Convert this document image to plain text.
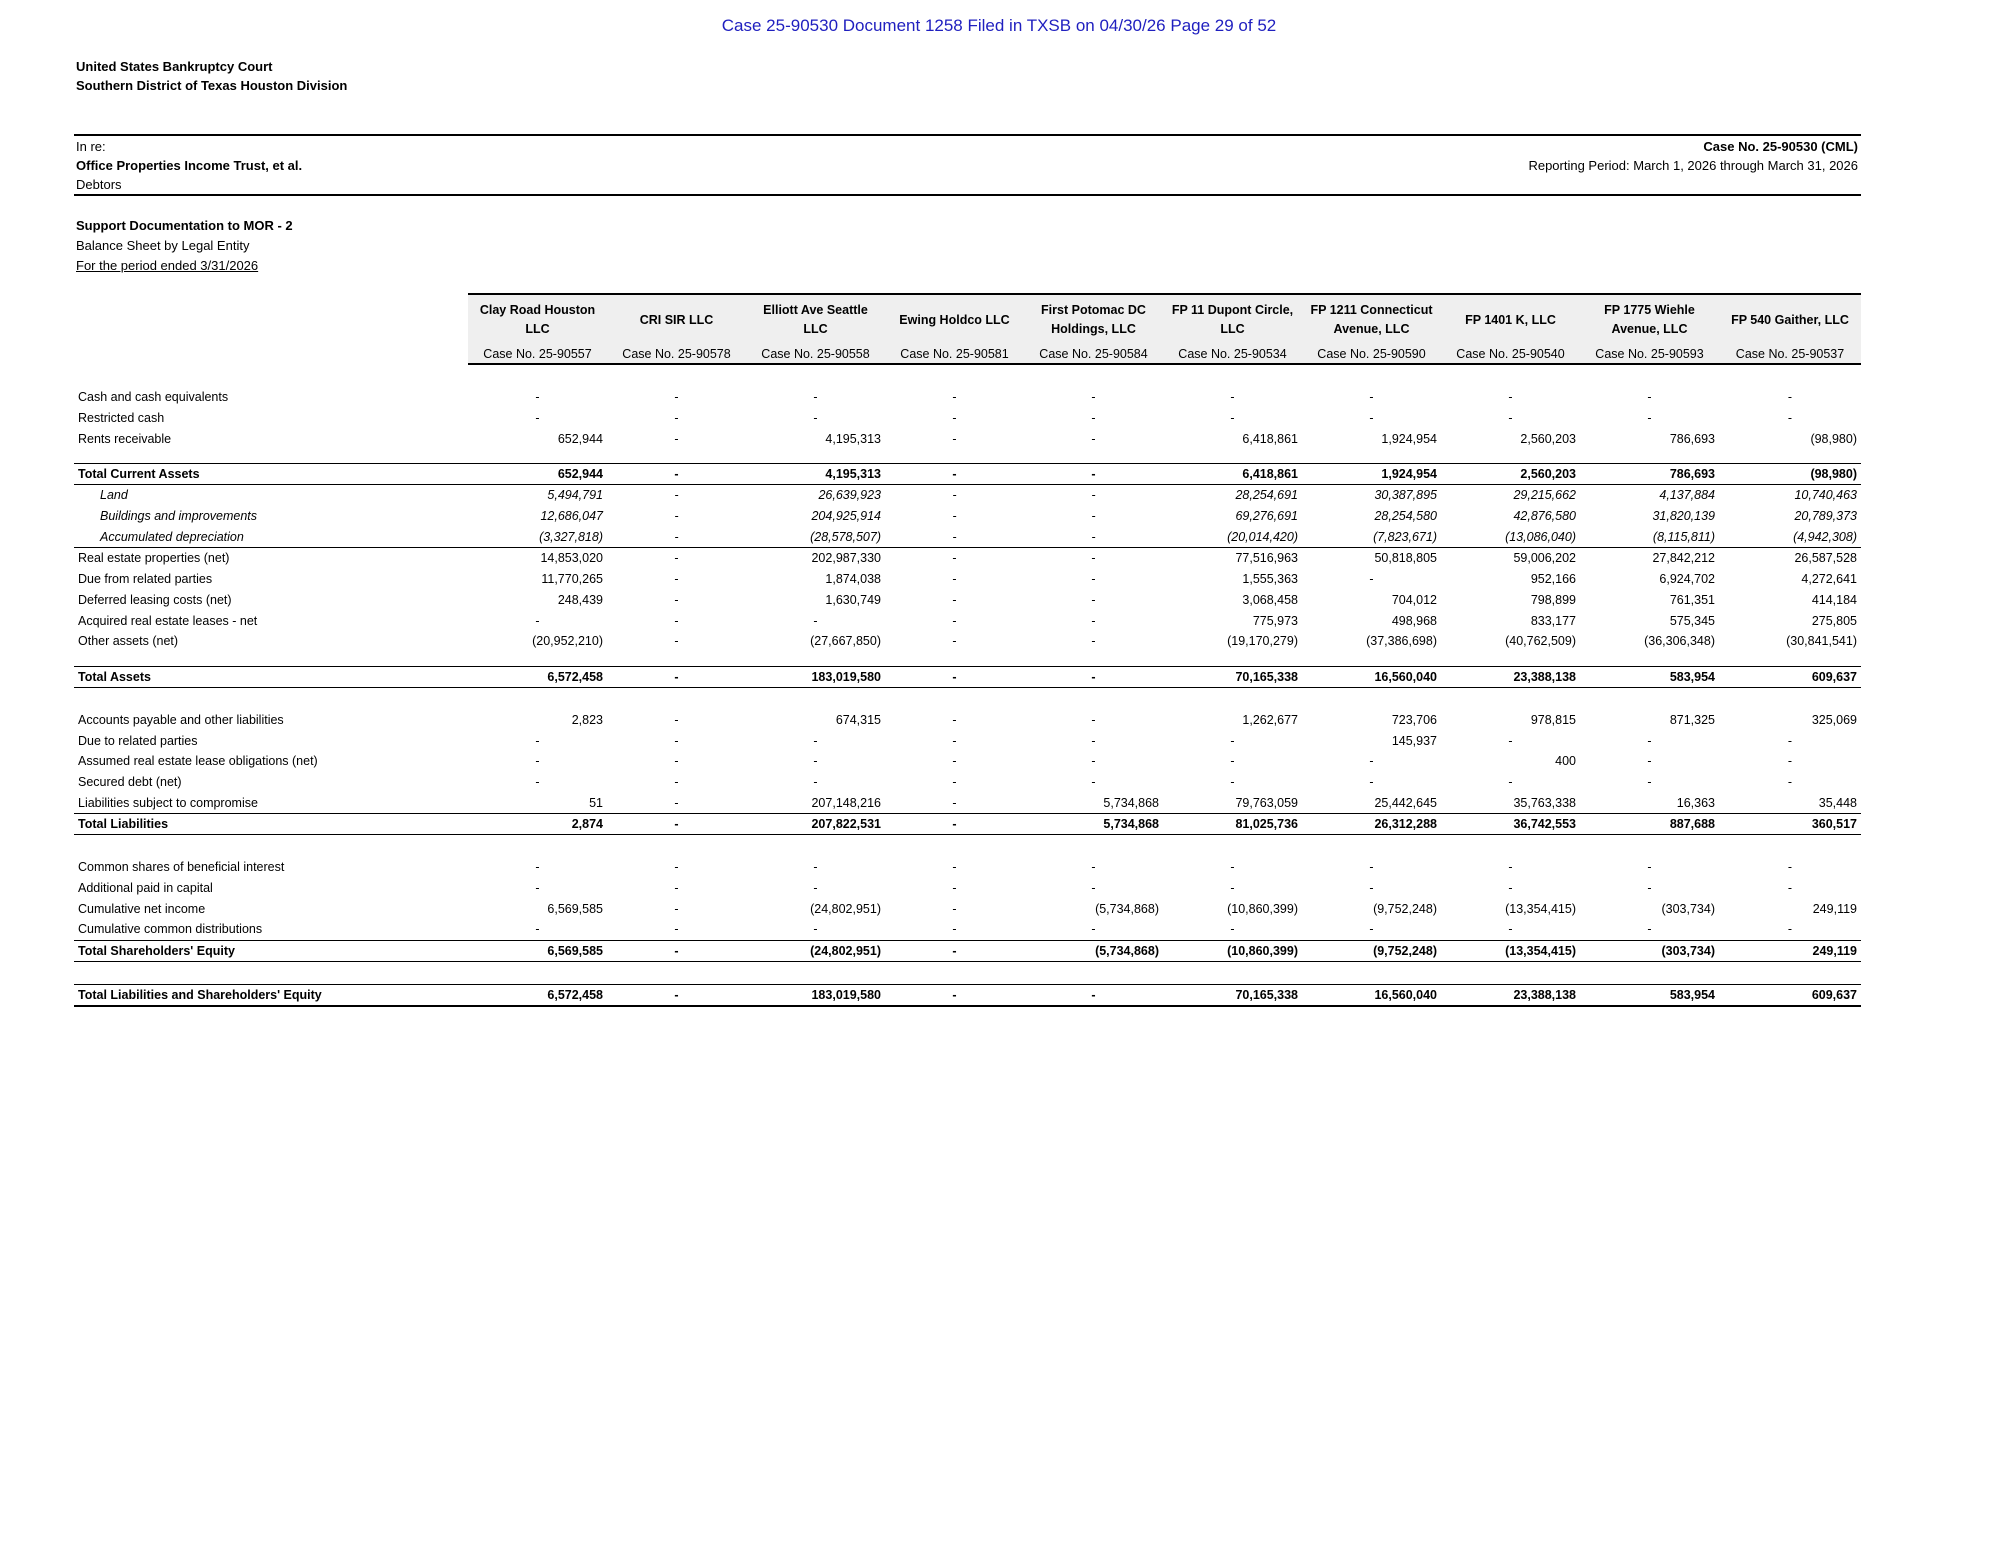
Case 25-90530 Document 1258 Filed in TXSB on 04/30/26 Page 29 of 52
United States Bankruptcy Court
Southern District of Texas Houston Division
In re:
Office Properties Income Trust, et al.
Debtors
Case No. 25-90530 (CML)
Reporting Period: March 1, 2026 through March 31, 2026
Support Documentation to MOR - 2
Balance Sheet by Legal Entity
For the period ended 3/31/2026
	Clay Road Houston LLC	CRI SIR LLC	Elliott Ave Seattle LLC	Ewing Holdco LLC	First Potomac DC Holdings, LLC	FP 11 Dupont Circle, LLC	FP 1211 Connecticut Avenue, LLC	FP 1401 K, LLC	FP 1775 Wiehle Avenue, LLC	FP 540 Gaither, LLC
	Case No. 25-90557	Case No. 25-90578	Case No. 25-90558	Case No. 25-90581	Case No. 25-90584	Case No. 25-90534	Case No. 25-90590	Case No. 25-90540	Case No. 25-90593	Case No. 25-90537

Cash and cash equivalents	-	-	-	-	-	-	-	-	-	-
Restricted cash	-	-	-	-	-	-	-	-	-	-
Rents receivable	652,944	-	4,195,313	-	-	6,418,861	1,924,954	2,560,203	786,693	(98,980)

Total Current Assets	652,944	-	4,195,313	-	-	6,418,861	1,924,954	2,560,203	786,693	(98,980)
Land	5,494,791	-	26,639,923	-	-	28,254,691	30,387,895	29,215,662	4,137,884	10,740,463
Buildings and improvements	12,686,047	-	204,925,914	-	-	69,276,691	28,254,580	42,876,580	31,820,139	20,789,373
Accumulated depreciation	(3,327,818)	-	(28,578,507)	-	-	(20,014,420)	(7,823,671)	(13,086,040)	(8,115,811)	(4,942,308)
Real estate properties (net)	14,853,020	-	202,987,330	-	-	77,516,963	50,818,805	59,006,202	27,842,212	26,587,528
Due from related parties	11,770,265	-	1,874,038	-	-	1,555,363	-	952,166	6,924,702	4,272,641
Deferred leasing costs (net)	248,439	-	1,630,749	-	-	3,068,458	704,012	798,899	761,351	414,184
Acquired real estate leases - net	-	-	-	-	-	775,973	498,968	833,177	575,345	275,805
Other assets (net)	(20,952,210)	-	(27,667,850)	-	-	(19,170,279)	(37,386,698)	(40,762,509)	(36,306,348)	(30,841,541)

Total Assets	6,572,458	-	183,019,580	-	-	70,165,338	16,560,040	23,388,138	583,954	609,637

Accounts payable and other liabilities	2,823	-	674,315	-	-	1,262,677	723,706	978,815	871,325	325,069
Due to related parties	-	-	-	-	-	-	145,937	-	-	-
Assumed real estate lease obligations (net)	-	-	-	-	-	-	-	400	-	-
Secured debt (net)	-	-	-	-	-	-	-	-	-	-
Liabilities subject to compromise	51	-	207,148,216	-	5,734,868	79,763,059	25,442,645	35,763,338	16,363	35,448
Total Liabilities	2,874	-	207,822,531	-	5,734,868	81,025,736	26,312,288	36,742,553	887,688	360,517

Common shares of beneficial interest	-	-	-	-	-	-	-	-	-	-
Additional paid in capital	-	-	-	-	-	-	-	-	-	-
Cumulative net income	6,569,585	-	(24,802,951)	-	(5,734,868)	(10,860,399)	(9,752,248)	(13,354,415)	(303,734)	249,119
Cumulative common distributions	-	-	-	-	-	-	-	-	-	-
Total Shareholders' Equity	6,569,585	-	(24,802,951)	-	(5,734,868)	(10,860,399)	(9,752,248)	(13,354,415)	(303,734)	249,119

Total Liabilities and Shareholders' Equity	6,572,458	-	183,019,580	-	-	70,165,338	16,560,040	23,388,138	583,954	609,637
